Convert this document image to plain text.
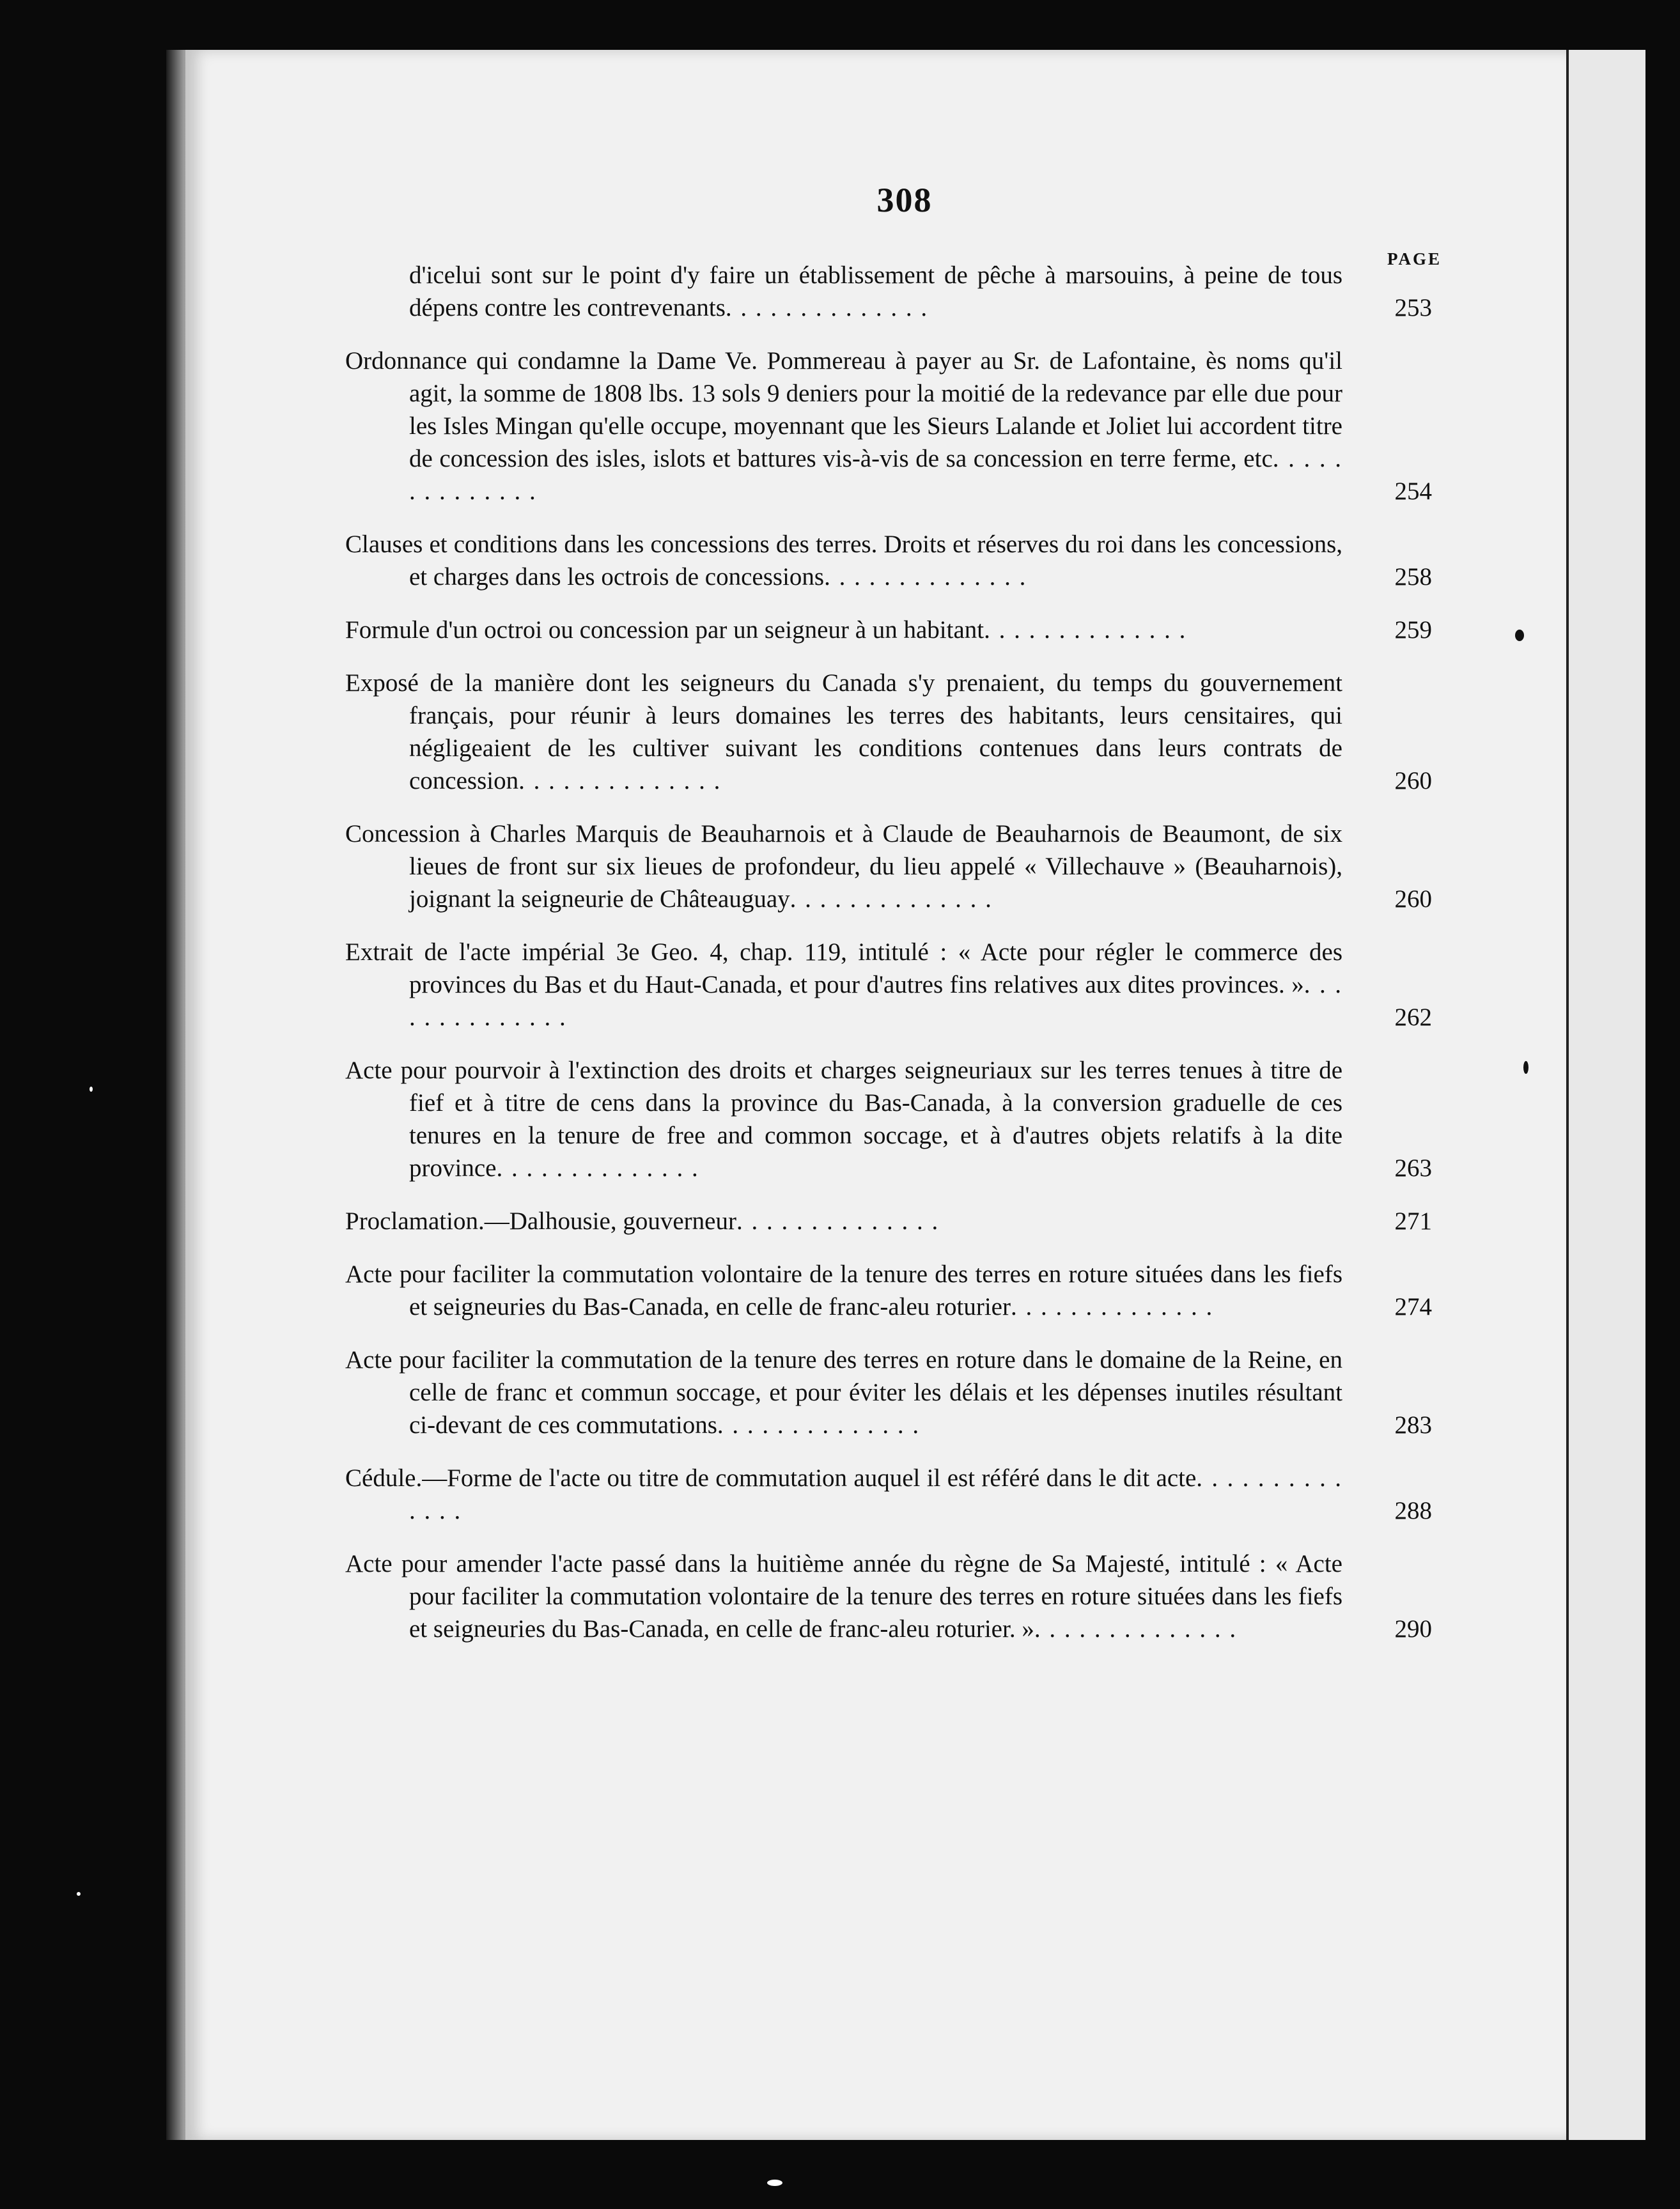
308
PAGE
d'icelui sont sur le point d'y faire un établissement de pêche à marsouins, à peine de tous dépens contre les contrevenants. . . . . . . . . . . . . .	253
Ordonnance qui condamne la Dame Ve. Pommereau à payer au Sr. de Lafontaine, ès noms qu'il agit, la somme de 1808 lbs. 13 sols 9 deniers pour la moitié de la redevance par elle due pour les Isles Mingan qu'elle occupe, moyennant que les Sieurs Lalande et Joliet lui accordent titre de concession des isles, islots et battures vis-à-vis de sa concession en terre ferme, etc. . . . . . . . . . . . . .	254
Clauses et conditions dans les concessions des terres. Droits et réserves du roi dans les concessions, et charges dans les octrois de concessions. . . . . . . . . . . . . .	258
Formule d'un octroi ou concession par un seigneur à un habitant. . . . . . . . . . . . . .	259
Exposé de la manière dont les seigneurs du Canada s'y prenaient, du temps du gouvernement français, pour réunir à leurs domaines les terres des habitants, leurs censitaires, qui négligeaient de les cultiver suivant les conditions contenues dans leurs contrats de concession. . . . . . . . . . . . . .	260
Concession à Charles Marquis de Beauharnois et à Claude de Beauharnois de Beaumont, de six lieues de front sur six lieues de profondeur, du lieu appelé « Villechauve » (Beauharnois), joignant la seigneurie de Châteauguay. . . . . . . . . . . . . .	260
Extrait de l'acte impérial 3e Geo. 4, chap. 119, intitulé : « Acte pour régler le commerce des provinces du Bas et du Haut-Canada, et pour d'autres fins relatives aux dites provinces. ». . . . . . . . . . . . . .	262
Acte pour pourvoir à l'extinction des droits et charges seigneuriaux sur les terres tenues à titre de fief et à titre de cens dans la province du Bas-Canada, à la conversion graduelle de ces tenures en la tenure de free and common soccage, et à d'autres objets relatifs à la dite province. . . . . . . . . . . . . .	263
Proclamation.—Dalhousie, gouverneur. . . . . . . . . . . . . .	271
Acte pour faciliter la commutation volontaire de la tenure des terres en roture situées dans les fiefs et seigneuries du Bas-Canada, en celle de franc-aleu roturier. . . . . . . . . . . . . .	274
Acte pour faciliter la commutation de la tenure des terres en roture dans le domaine de la Reine, en celle de franc et commun soccage, et pour éviter les délais et les dépenses inutiles résultant ci-devant de ces commutations. . . . . . . . . . . . . .	283
Cédule.—Forme de l'acte ou titre de commutation auquel il est référé dans le dit acte. . . . . . . . . . . . . .	288
Acte pour amender l'acte passé dans la huitième année du règne de Sa Majesté, intitulé : « Acte pour faciliter la commutation volontaire de la tenure des terres en roture situées dans les fiefs et seigneuries du Bas-Canada, en celle de franc-aleu roturier. ». . . . . . . . . . . . . .	290
